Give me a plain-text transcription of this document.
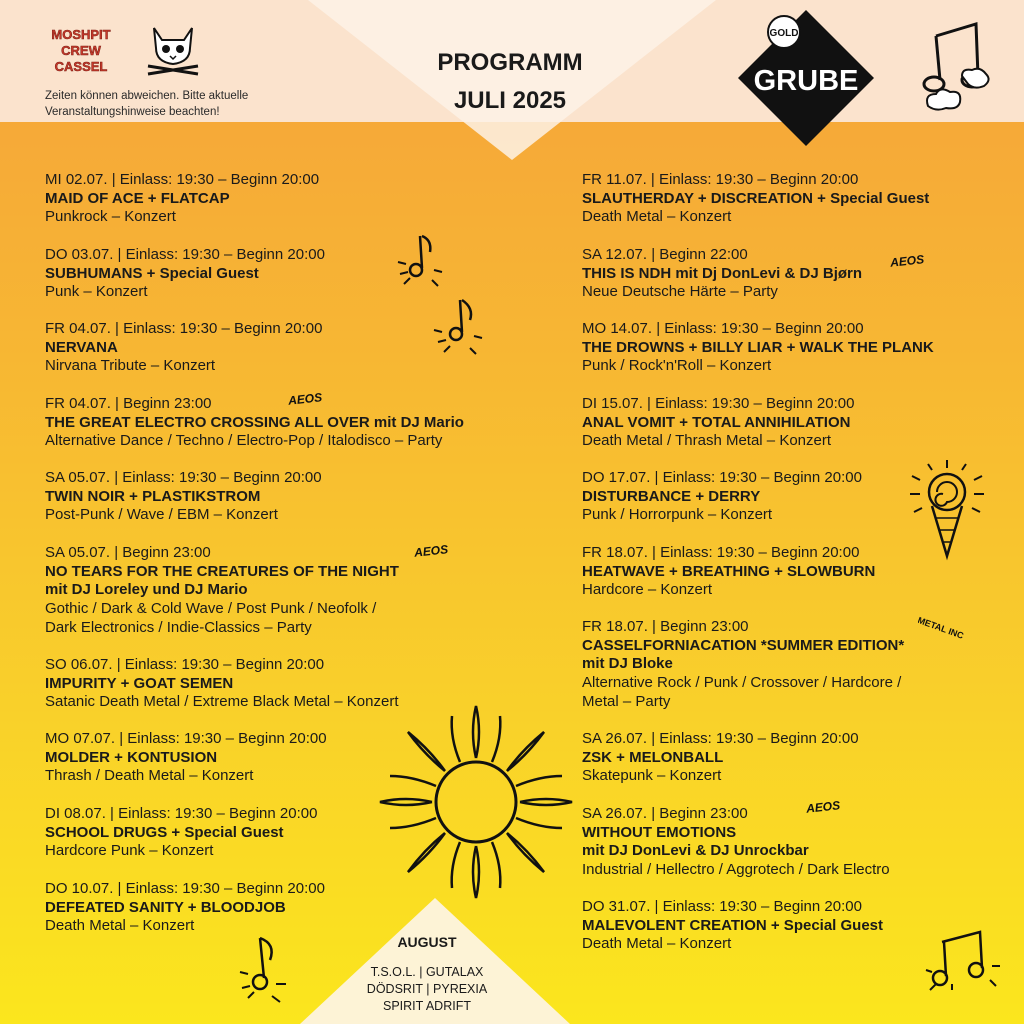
MOSHPIT
CREW
CASSEL
Zeiten können abweichen. Bitte aktuelle
Veranstaltungshinweise beachten!
PROGRAMM
JULI 2025
GOLD
GRUBE
MI 02.07. | Einlass: 19:30 – Beginn 20:00
MAID OF ACE + FLATCAP
Punkrock – Konzert
DO 03.07. | Einlass: 19:30 – Beginn 20:00
SUBHUMANS + Special Guest
Punk – Konzert
FR 04.07. | Einlass: 19:30 – Beginn 20:00
NERVANA
Nirvana Tribute – Konzert
FR 04.07. | Beginn 23:00
THE GREAT ELECTRO CROSSING ALL OVER mit DJ Mario
Alternative Dance / Techno / Electro-Pop / Italodisco – Party
SA 05.07. | Einlass: 19:30 – Beginn 20:00
TWIN NOIR + PLASTIKSTROM
Post-Punk / Wave / EBM – Konzert
SA 05.07. | Beginn 23:00
NO TEARS FOR THE CREATURES OF THE NIGHT
mit DJ Loreley und DJ Mario
Gothic / Dark & Cold Wave / Post Punk / Neofolk /
Dark Electronics / Indie-Classics – Party
SO 06.07. | Einlass: 19:30 – Beginn 20:00
IMPURITY + GOAT SEMEN
Satanic Death Metal / Extreme Black Metal – Konzert
MO 07.07. | Einlass: 19:30 – Beginn 20:00
MOLDER + KONTUSION
Thrash / Death Metal – Konzert
DI 08.07. | Einlass: 19:30 – Beginn 20:00
SCHOOL DRUGS + Special Guest
Hardcore Punk – Konzert
DO 10.07. | Einlass: 19:30 – Beginn 20:00
DEFEATED SANITY + BLOODJOB
Death Metal – Konzert
FR 11.07. | Einlass: 19:30 – Beginn 20:00
SLAUTHERDAY + DISCREATION + Special Guest
Death Metal – Konzert
SA 12.07. | Beginn 22:00
THIS IS NDH mit Dj DonLevi & DJ Bjørn
Neue Deutsche Härte – Party
MO 14.07. | Einlass: 19:30 – Beginn 20:00
THE DROWNS + BILLY LIAR + WALK THE PLANK
Punk / Rock'n'Roll – Konzert
DI 15.07. | Einlass: 19:30 – Beginn 20:00
ANAL VOMIT + TOTAL ANNIHILATION
Death Metal / Thrash Metal – Konzert
DO 17.07. | Einlass: 19:30 – Beginn 20:00
DISTURBANCE + DERRY
Punk / Horrorpunk – Konzert
FR 18.07. | Einlass: 19:30 – Beginn 20:00
HEATWAVE + BREATHING + SLOWBURN
Hardcore – Konzert
FR 18.07. | Beginn 23:00
CASSELFORNIACATION *SUMMER EDITION*
mit DJ Bloke
Alternative Rock / Punk / Crossover / Hardcore /
Metal – Party
SA 26.07. | Einlass: 19:30 – Beginn 20:00
ZSK + MELONBALL
Skatepunk – Konzert
SA 26.07. | Beginn 23:00
WITHOUT EMOTIONS
mit DJ DonLevi & DJ Unrockbar
Industrial / Hellectro / Aggrotech / Dark Electro
DO 31.07. | Einlass: 19:30 – Beginn 20:00
MALEVOLENT CREATION + Special Guest
Death Metal – Konzert
AEOS
AEOS
AEOS
AEOS
METAL INC
AUGUST
T.S.O.L. | GUTALAX
DÖDSRIT | PYREXIA
SPIRIT ADRIFT
